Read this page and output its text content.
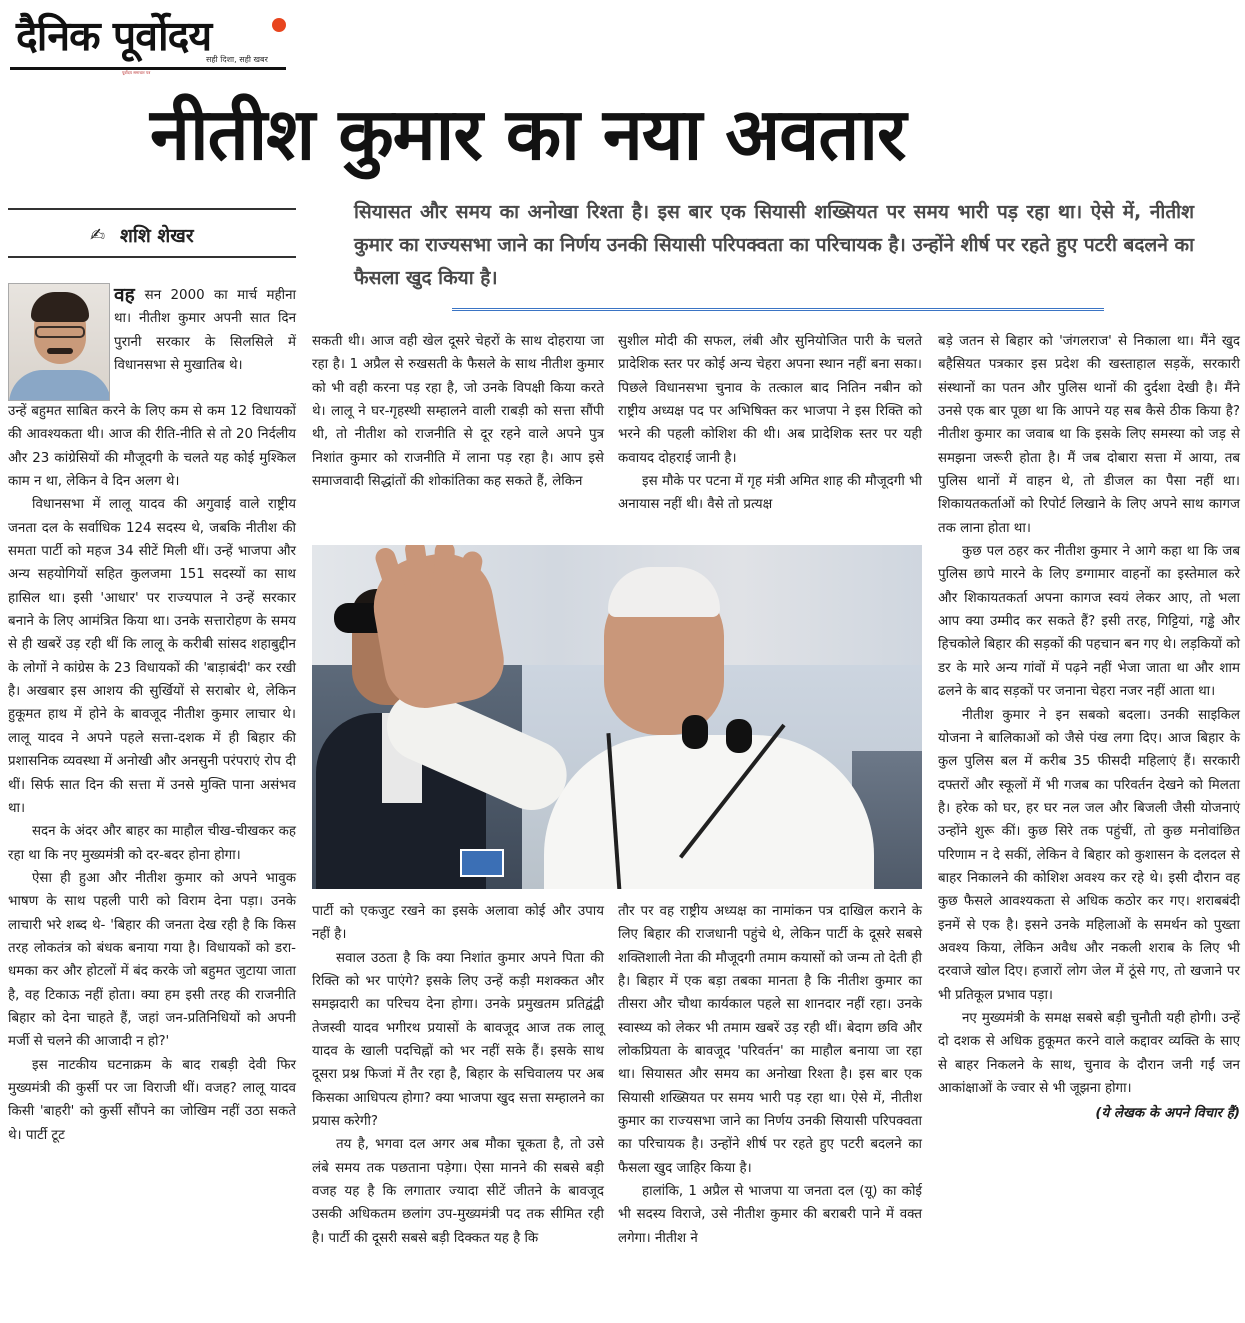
दैनिक पूर्वोदय
सही दिशा, सही खबर
पूर्वोदय समाचार पत्र
नीतीश कुमार का नया अवतार
✍ शशि शेखर
सियासत और समय का अनोखा रिश्ता है। इस बार एक सियासी शख्सियत पर समय भारी पड़ रहा था। ऐसे में, नीतीश कुमार का राज्यसभा जाने का निर्णय उनकी सियासी परिपक्वता का परिचायक है। उन्होंने शीर्ष पर रहते हुए पटरी बदलने का फैसला खुद किया है।

वह सन 2000 का मार्च महीना था। नीतीश कुमार अपनी सात दिन पुरानी सरकार के सिलसिले में विधानसभा से मुखातिब थे।

उन्हें बहुमत साबित करने के लिए कम से कम 12 विधायकों की आवश्यकता थी। आज की रीति-नीति से तो 20 निर्दलीय और 23 कांग्रेसियों की मौजूदगी के चलते यह कोई मुश्किल काम न था, लेकिन वे दिन अलग थे।

विधानसभा में लालू यादव की अगुवाई वाले राष्ट्रीय जनता दल के सर्वाधिक 124 सदस्य थे, जबकि नीतीश की समता पार्टी को महज 34 सीटें मिली थीं। उन्हें भाजपा और अन्य सहयोगियों सहित कुलजमा 151 सदस्यों का साथ हासिल था। इसी 'आधार' पर राज्यपाल ने उन्हें सरकार बनाने के लिए आमंत्रित किया था। उनके सत्तारोहण के समय से ही खबरें उड़ रही थीं कि लालू के करीबी सांसद शहाबुद्दीन के लोगों ने कांग्रेस के 23 विधायकों की 'बाड़ाबंदी' कर रखी है। अखबार इस आशय की सुर्खियों से सराबोर थे, लेकिन हुकूमत हाथ में होने के बावजूद नीतीश कुमार लाचार थे। लालू यादव ने अपने पहले सत्ता-दशक में ही बिहार की प्रशासनिक व्यवस्था में अनोखी और अनसुनी परंपराएं रोप दी थीं। सिर्फ सात दिन की सत्ता में उनसे मुक्ति पाना असंभव था।

सदन के अंदर और बाहर का माहौल चीख-चीखकर कह रहा था कि नए मुख्यमंत्री को दर-बदर होना होगा।

ऐसा ही हुआ और नीतीश कुमार को अपने भावुक भाषण के साथ पहली पारी को विराम देना पड़ा। उनके लाचारी भरे शब्द थे- 'बिहार की जनता देख रही है कि किस तरह लोकतंत्र को बंधक बनाया गया है। विधायकों को डरा-धमका कर और होटलों में बंद करके जो बहुमत जुटाया जाता है, वह टिकाऊ नहीं होता। क्या हम इसी तरह की राजनीति बिहार को देना चाहते हैं, जहां जन-प्रतिनिधियों को अपनी मर्जी से चलने की आजादी न हो?'

इस नाटकीय घटनाक्रम के बाद राबड़ी देवी फिर मुख्यमंत्री की कुर्सी पर जा विराजी थीं। वजह? लालू यादव किसी 'बाहरी' को कुर्सी सौंपने का जोखिम नहीं उठा सकते थे। पार्टी टूट

सकती थी। आज वही खेल दूसरे चेहरों के साथ दोहराया जा रहा है। 1 अप्रैल से रुखसती के फैसले के साथ नीतीश कुमार को भी वही करना पड़ रहा है, जो उनके विपक्षी किया करते थे। लालू ने घर-गृहस्थी सम्हालने वाली राबड़ी को सत्ता सौंपी थी, तो नीतीश को राजनीति से दूर रहने वाले अपने पुत्र निशांत कुमार को राजनीति में लाना पड़ रहा है। आप इसे समाजवादी सिद्धांतों की शोकांतिका कह सकते हैं, लेकिन

सुशील मोदी की सफल, लंबी और सुनियोजित पारी के चलते प्रादेशिक स्तर पर कोई अन्य चेहरा अपना स्थान नहीं बना सका। पिछले विधानसभा चुनाव के तत्काल बाद नितिन नबीन को राष्ट्रीय अध्यक्ष पद पर अभिषिक्त कर भाजपा ने इस रिक्ति को भरने की पहली कोशिश की थी। अब प्रादेशिक स्तर पर यही कवायद दोहराई जानी है।

इस मौके पर पटना में गृह मंत्री अमित शाह की मौजूदगी भी अनायास नहीं थी। वैसे तो प्रत्यक्ष

पार्टी को एकजुट रखने का इसके अलावा कोई और उपाय नहीं है।

सवाल उठता है कि क्या निशांत कुमार अपने पिता की रिक्ति को भर पाएंगे? इसके लिए उन्हें कड़ी मशक्कत और समझदारी का परिचय देना होगा। उनके प्रमुखतम प्रतिद्वंद्वी तेजस्वी यादव भगीरथ प्रयासों के बावजूद आज तक लालू यादव के खाली पदचिह्नों को भर नहीं सके हैं। इसके साथ दूसरा प्रश्न फिजां में तैर रहा है, बिहार के सचिवालय पर अब किसका आधिपत्य होगा? क्या भाजपा खुद सत्ता सम्हालने का प्रयास करेगी?

तय है, भगवा दल अगर अब मौका चूकता है, तो उसे लंबे समय तक पछताना पड़ेगा। ऐसा मानने की सबसे बड़ी वजह यह है कि लगातार ज्यादा सीटें जीतने के बावजूद उसकी अधिकतम छलांग उप-मुख्यमंत्री पद तक सीमित रही है। पार्टी की दूसरी सबसे बड़ी दिक्कत यह है कि

तौर पर वह राष्ट्रीय अध्यक्ष का नामांकन पत्र दाखिल कराने के लिए बिहार की राजधानी पहुंचे थे, लेकिन पार्टी के दूसरे सबसे शक्तिशाली नेता की मौजूदगी तमाम कयासों को जन्म तो देती ही है। बिहार में एक बड़ा तबका मानता है कि नीतीश कुमार का तीसरा और चौथा कार्यकाल पहले सा शानदार नहीं रहा। उनके स्वास्थ्य को लेकर भी तमाम खबरें उड़ रही थीं। बेदाग छवि और लोकप्रियता के बावजूद 'परिवर्तन' का माहौल बनाया जा रहा था। सियासत और समय का अनोखा रिश्ता है। इस बार एक सियासी शख्सियत पर समय भारी पड़ रहा था। ऐसे में, नीतीश कुमार का राज्यसभा जाने का निर्णय उनकी सियासी परिपक्वता का परिचायक है। उन्होंने शीर्ष पर रहते हुए पटरी बदलने का फैसला खुद जाहिर किया है।

हालांकि, 1 अप्रैल से भाजपा या जनता दल (यू) का कोई भी सदस्य विराजे, उसे नीतीश कुमार की बराबरी पाने में वक्त लगेगा। नीतीश ने

बड़े जतन से बिहार को 'जंगलराज' से निकाला था। मैंने खुद बहैसियत पत्रकार इस प्रदेश की खस्ताहाल सड़कें, सरकारी संस्थानों का पतन और पुलिस थानों की दुर्दशा देखी है। मैंने उनसे एक बार पूछा था कि आपने यह सब कैसे ठीक किया है? नीतीश कुमार का जवाब था कि इसके लिए समस्या को जड़ से समझना जरूरी होता है। मैं जब दोबारा सत्ता में आया, तब पुलिस थानों में वाहन थे, तो डीजल का पैसा नहीं था। शिकायतकर्ताओं को रिपोर्ट लिखाने के लिए अपने साथ कागज तक लाना होता था।

कुछ पल ठहर कर नीतीश कुमार ने आगे कहा था कि जब पुलिस छापे मारने के लिए डग्गामार वाहनों का इस्तेमाल करे और शिकायतकर्ता अपना कागज स्वयं लेकर आए, तो भला आप क्या उम्मीद कर सकते हैं? इसी तरह, गिट्टियां, गड्ढे और हिचकोले बिहार की सड़कों की पहचान बन गए थे। लड़कियों को डर के मारे अन्य गांवों में पढ़ने नहीं भेजा जाता था और शाम ढलने के बाद सड़कों पर जनाना चेहरा नजर नहीं आता था।

नीतीश कुमार ने इन सबको बदला। उनकी साइकिल योजना ने बालिकाओं को जैसे पंख लगा दिए। आज बिहार के कुल पुलिस बल में करीब 35 फीसदी महिलाएं हैं। सरकारी दफ्तरों और स्कूलों में भी गजब का परिवर्तन देखने को मिलता है। हरेक को घर, हर घर नल जल और बिजली जैसी योजनाएं उन्होंने शुरू कीं। कुछ सिरे तक पहुंचीं, तो कुछ मनोवांछित परिणाम न दे सकीं, लेकिन वे बिहार को कुशासन के दलदल से बाहर निकालने की कोशिश अवश्य कर रहे थे। इसी दौरान वह कुछ फैसले आवश्यकता से अधिक कठोर कर गए। शराबबंदी इनमें से एक है। इसने उनके महिलाओं के समर्थन को पुख्ता अवश्य किया, लेकिन अवैध और नकली शराब के लिए भी दरवाजे खोल दिए। हजारों लोग जेल में ठूंसे गए, तो खजाने पर भी प्रतिकूल प्रभाव पड़ा।

नए मुख्यमंत्री के समक्ष सबसे बड़ी चुनौती यही होगी। उन्हें दो दशक से अधिक हुकूमत करने वाले कद्दावर व्यक्ति के साए से बाहर निकलने के साथ, चुनाव के दौरान जनी गईं जन आकांक्षाओं के ज्वार से भी जूझना होगा।

(ये लेखक के अपने विचार हैं)
